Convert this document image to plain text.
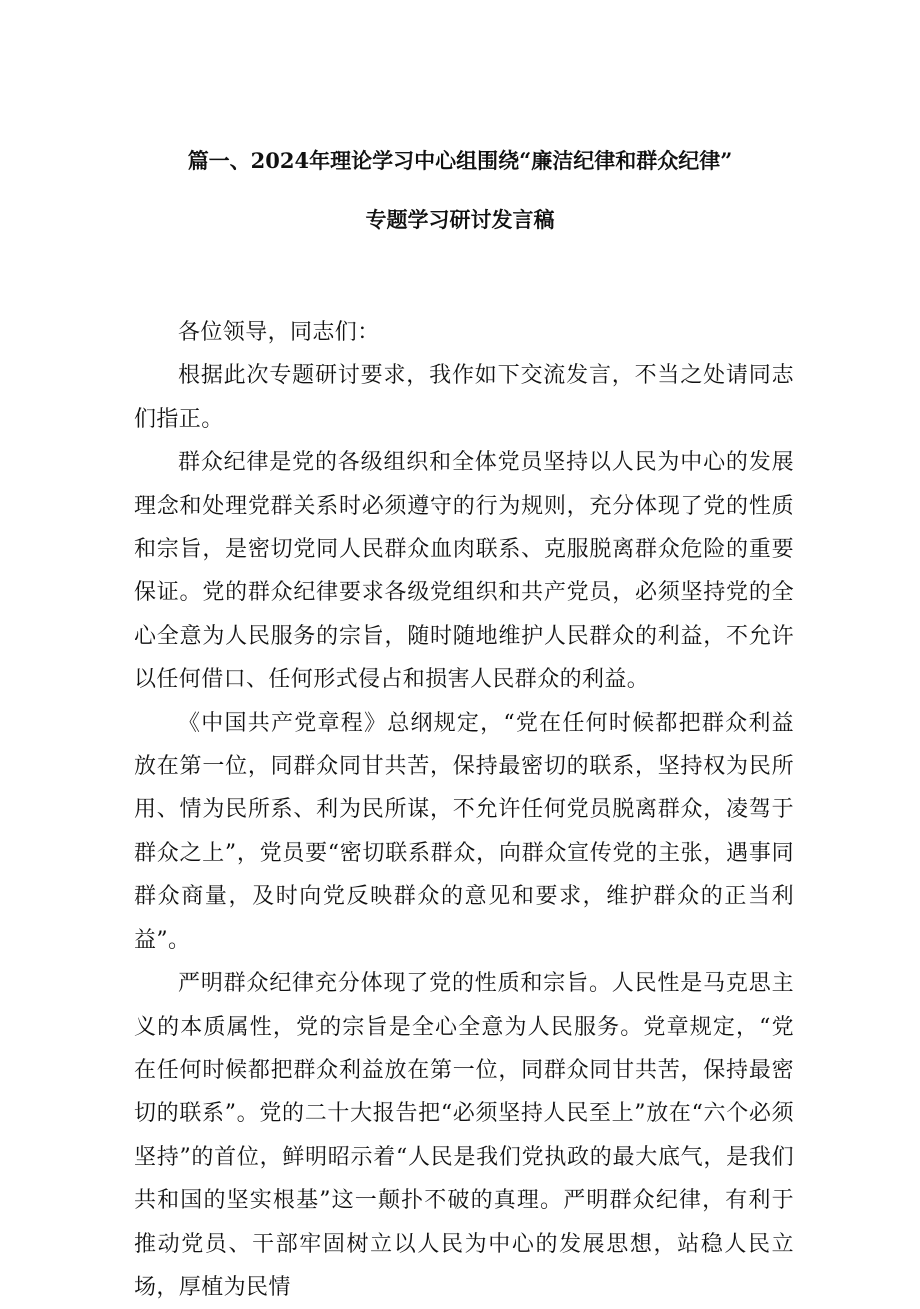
篇一、2024年理论学习中心组围绕“廉洁纪律和群众纪律”
专题学习研讨发言稿

各位领导，同志们：

根据此次专题研讨要求，我作如下交流发言，不当之处请同志们指正。

群众纪律是党的各级组织和全体党员坚持以人民为中心的发展理念和处理党群关系时必须遵守的行为规则，充分体现了党的性质和宗旨，是密切党同人民群众血肉联系、克服脱离群众危险的重要保证。党的群众纪律要求各级党组织和共产党员，必须坚持党的全心全意为人民服务的宗旨，随时随地维护人民群众的利益，不允许以任何借口、任何形式侵占和损害人民群众的利益。

《中国共产党章程》总纲规定，“党在任何时候都把群众利益放在第一位，同群众同甘共苦，保持最密切的联系，坚持权为民所用、情为民所系、利为民所谋，不允许任何党员脱离群众，凌驾于群众之上”，党员要“密切联系群众，向群众宣传党的主张，遇事同群众商量，及时向党反映群众的意见和要求，维护群众的正当利益”。

严明群众纪律充分体现了党的性质和宗旨。人民性是马克思主义的本质属性，党的宗旨是全心全意为人民服务。党章规定，“党在任何时候都把群众利益放在第一位，同群众同甘共苦，保持最密切的联系”。党的二十大报告把“必须坚持人民至上”放在“六个必须坚持”的首位，鲜明昭示着“人民是我们党执政的最大底气，是我们共和国的坚实根基”这一颠扑不破的真理。严明群众纪律，有利于推动党员、干部牢固树立以人民为中心的发展思想，站稳人民立场，厚植为民情
